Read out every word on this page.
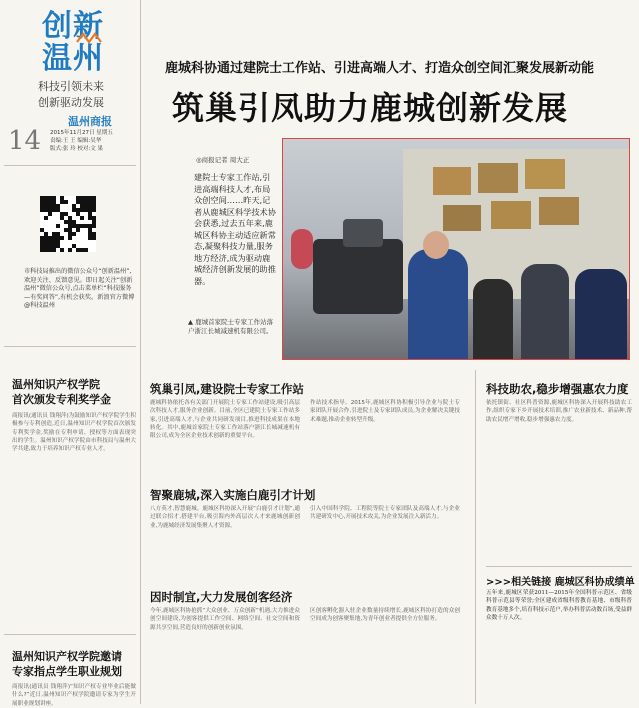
创新
温州
科技引领未来
创新驱动发展
温州商报
14 2015年11月27日 星期五
责编:王 王 编辑:吴华
版式:张 玲 校对:文 果
市科技局推出的微信公众号“创新温州”,欢迎关注、反馈意见。即日起关注“创新温州”微信公众号,点击菜单栏“科技服务—有奖问答”,有机会获奖。新浪官方微博 @科技温州
温州知识产权学院
首次颁发专利奖学金
商报讯(通讯员 钱翔萍)为鼓励知识产权学院学生积极参与专利创造,近日,温州知识产权学院首次颁发专利奖学金,奖励在专利申请、授权等方面表现突出的学生。温州知识产权学院由市科技局与温州大学共建,致力于培养知识产权专业人才。
温州知识产权学院邀请
专家指点学生职业规划
商报讯(通讯员 钱翔萍)“知识产权专业毕业后能做什么?”近日,温州知识产权学院邀请专家为学生开展职业规划讲座。
鹿城科协通过建院士工作站、引进高端人才、打造众创空间汇聚发展新动能
筑巢引凤助力鹿城创新发展
◎商报记者 周大正
建院士专家工作站,引进高端科技人才,布局众创空间……昨天,记者从鹿城区科学技术协会获悉,过去五年来,鹿城区科协主动适应新常态,凝聚科技力量,服务地方经济,成为驱动鹿城经济创新发展的助推器。
▲ 鹿城首家院士专家工作站落户浙江长城减速机有限公司。
筑巢引凤,建设院士专家工作站
鹿城科协依托各有关部门开展院士专家工作站建设,吸引高层次科技人才,服务企业创新。目前,全区已建院士专家工作站多家,引进高端人才,与企业共同研发项目,推进科技成果在本地转化。其中,鹿城首家院士专家工作站落户浙江长城减速机有限公司,成为全区企业技术创新的重要平台。
作站技术指导。2015年,鹿城区科协积极引导企业与院士专家团队开展合作,引进院士及专家团队成员,为企业解决关键技术难题,推动企业转型升级。
智聚鹿城,深入实施白鹿引才计划
八方英才,智慧鹿城。鹿城区科协深入开展“白鹿引才计划”,通过联合招才,搭建平台,吸引海内外高层次人才来鹿城创新创业,为鹿城经济发展集聚人才资源。
引入中国科学院、工程院等院士专家团队及高端人才,与企业共建研发中心,开展技术攻关,为企业发展注入新活力。
因时制宜,大力发展创客经济
今年,鹿城区科协抢抓“大众创业、万众创新”机遇,大力推进众创空间建设,为创客提供工作空间、网络空间、社交空间和资源共享空间,营造良好的创新创业氛围。
区创客孵化器入驻企业数量持续增长,鹿城区科协打造的众创空间成为创客聚集地,为青年创业者提供全方位服务。
科技助农,稳步增强惠农力度
依托镇街、社区科普资源,鹿城区科协深入开展科技助农工作,组织专家下乡开展技术培训,推广农业新技术、新品种,帮助农民增产增收,稳步增强惠农力度。
>>>相关链接 鹿城区科协成绩单
五年来,鹿城区荣获2011—2015年全国科普示范区、省级科普示范县等荣誉;全区建成省级科普教育基地、市级科普教育基地多个,培育科技示范户,举办科普活动数百场,受益群众数十万人次。
